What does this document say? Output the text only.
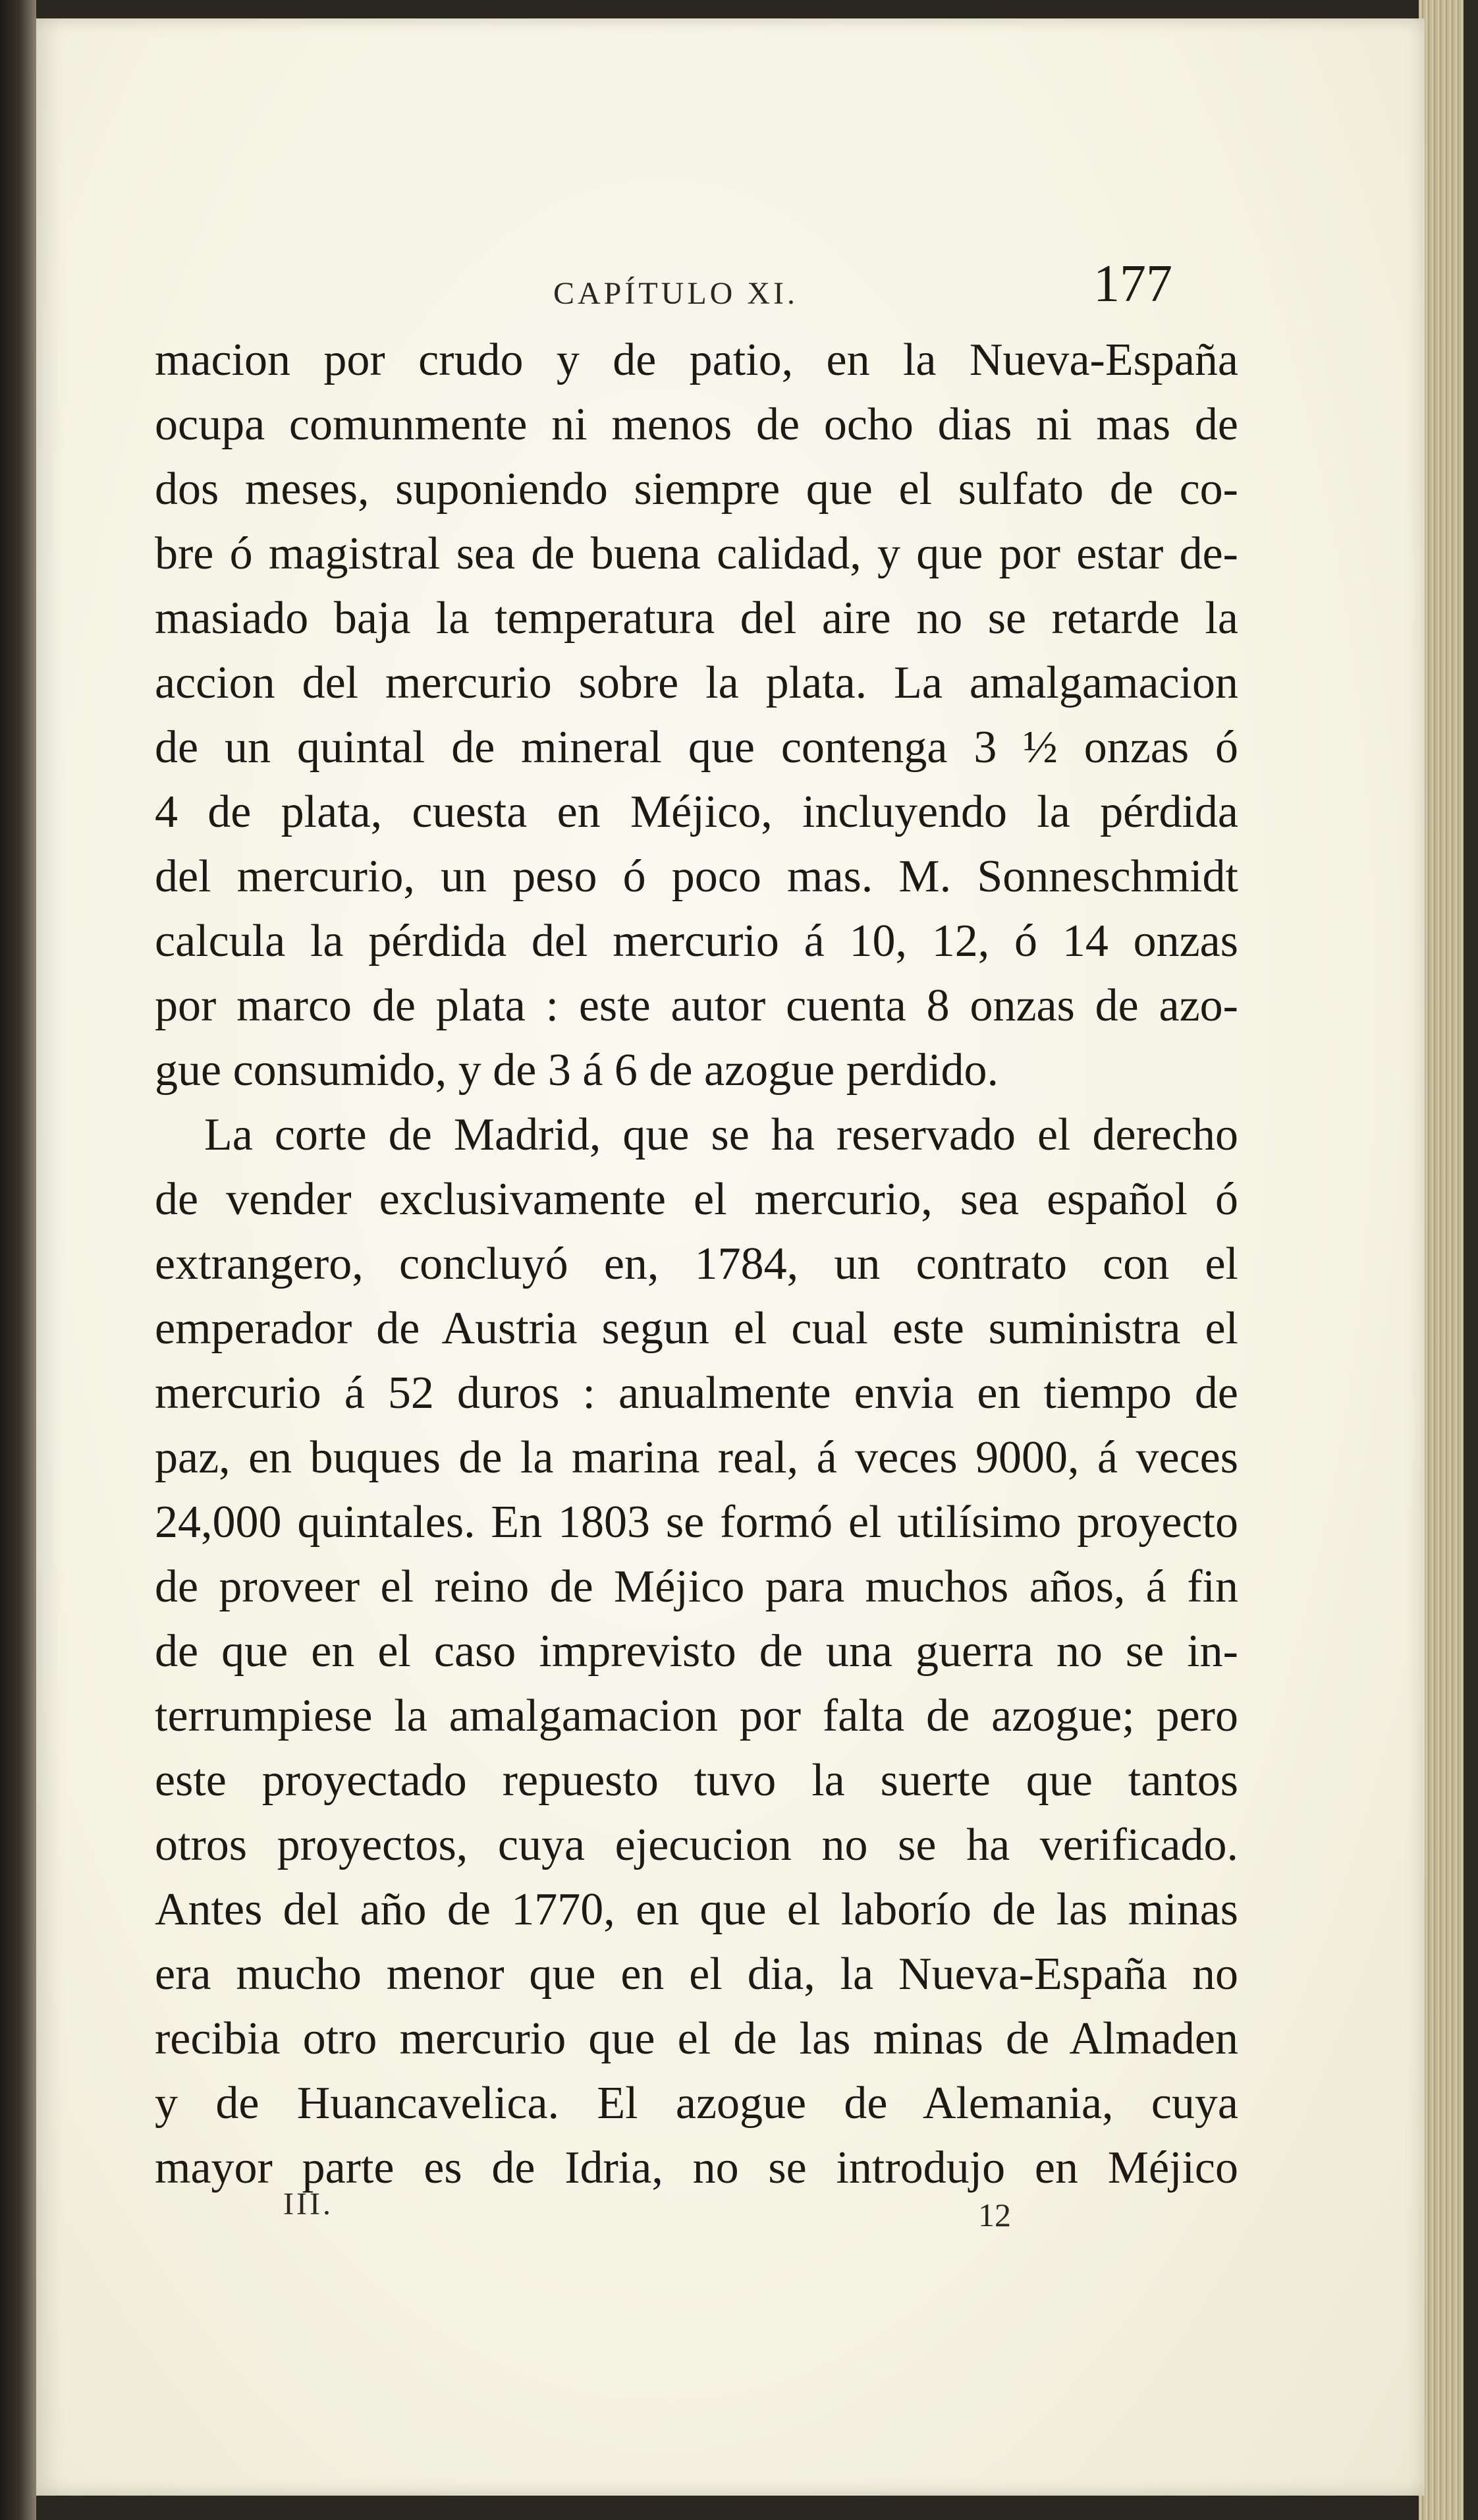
CAPÍTULO XI.	177
macion por crudo y de patio, en la Nueva-España
ocupa comunmente ni menos de ocho dias ni mas de
dos meses, suponiendo siempre que el sulfato de co-
bre ó magistral sea de buena calidad, y que por estar de-
masiado baja la temperatura del aire no se retarde la
accion del mercurio sobre la plata. La amalgamacion
de un quintal de mineral que contenga 3 ½ onzas ó
4 de plata, cuesta en Méjico, incluyendo la pérdida
del mercurio, un peso ó poco mas. M. Sonneschmidt
calcula la pérdida del mercurio á 10, 12, ó 14 onzas
por marco de plata : este autor cuenta 8 onzas de azo-
gue consumido, y de 3 á 6 de azogue perdido.
La corte de Madrid, que se ha reservado el derecho
de vender exclusivamente el mercurio, sea español ó
extrangero, concluyó en, 1784, un contrato con el
emperador de Austria segun el cual este suministra el
mercurio á 52 duros : anualmente envia en tiempo de
paz, en buques de la marina real, á veces 9000, á veces
24,000 quintales. En 1803 se formó el utilísimo proyecto
de proveer el reino de Méjico para muchos años, á fin
de que en el caso imprevisto de una guerra no se in-
terrumpiese la amalgamacion por falta de azogue; pero
este proyectado repuesto tuvo la suerte que tantos
otros proyectos, cuya ejecucion no se ha verificado.
Antes del año de 1770, en que el laborío de las minas
era mucho menor que en el dia, la Nueva-España no
recibia otro mercurio que el de las minas de Almaden
y de Huancavelica. El azogue de Alemania, cuya
mayor parte es de Idria, no se introdujo en Méjico
III.	12
